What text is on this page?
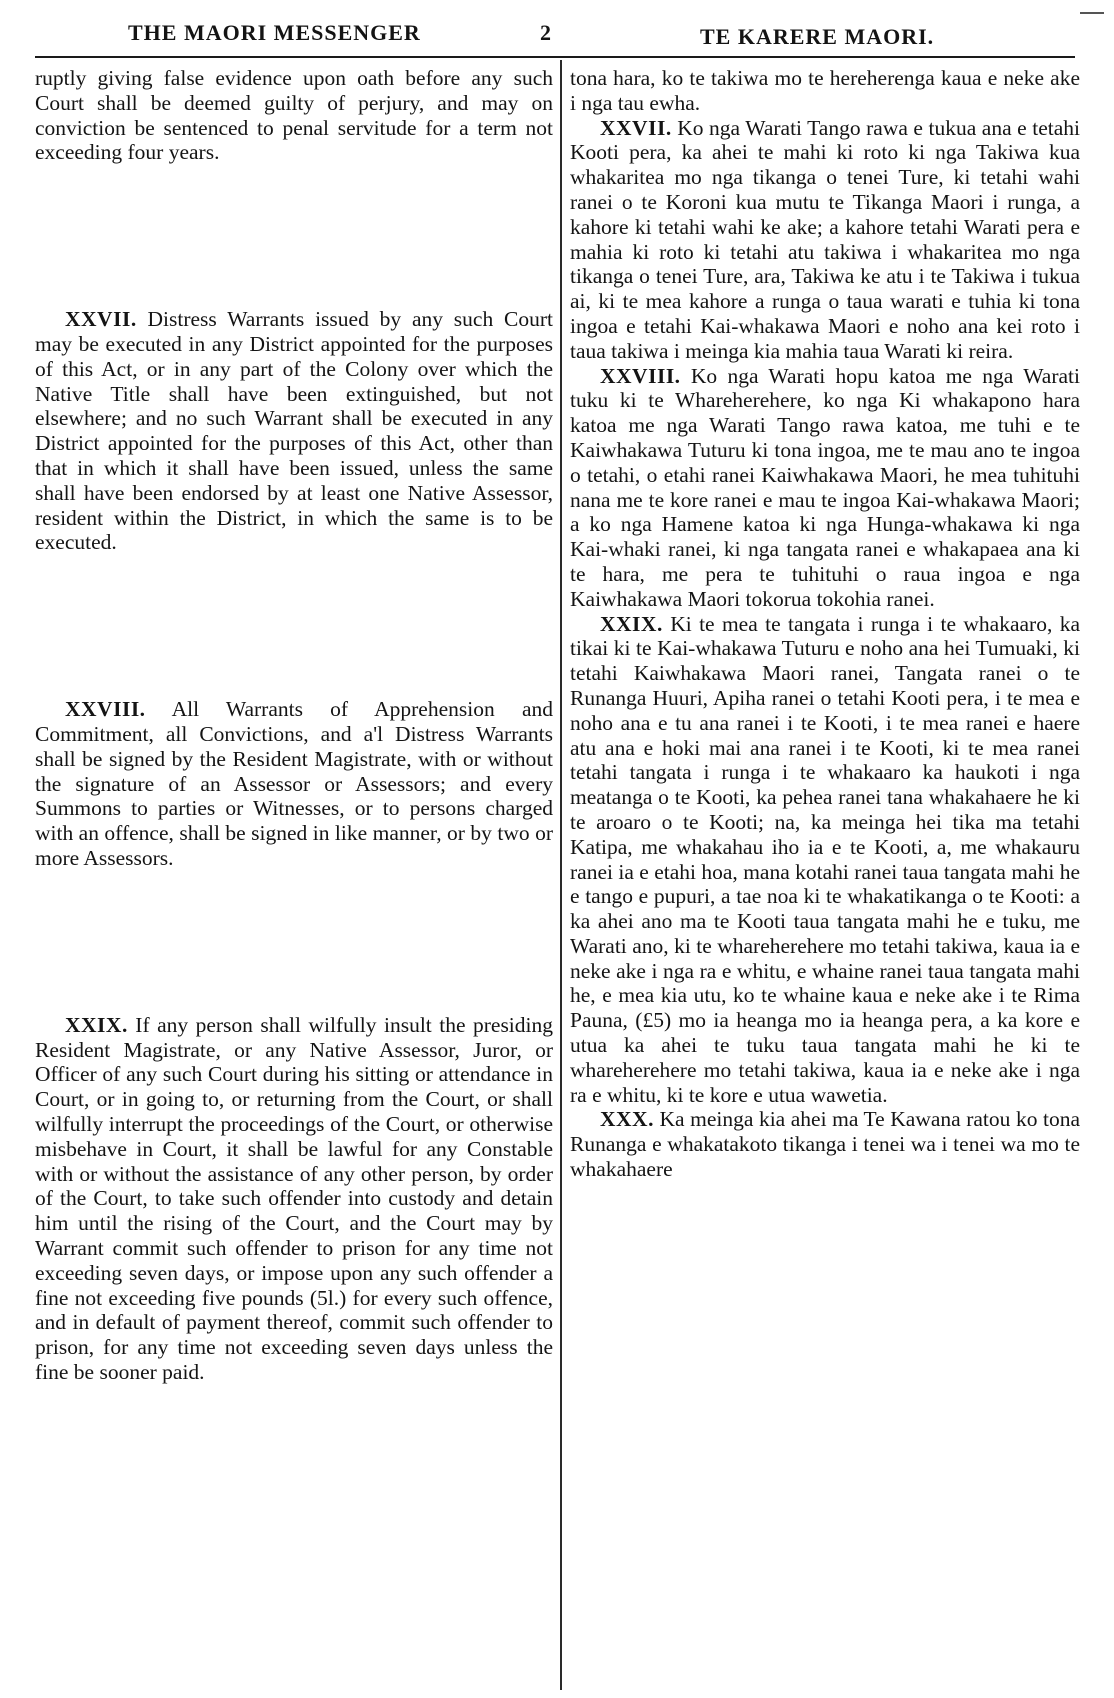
THE MAORI MESSENGER	2	TE KARERE MAORI.

ruptly giving false evidence upon oath before any such Court shall be deemed guilty of perjury, and may on conviction be sentenced to penal servitude for a term not exceeding four years.

XXVII. Distress Warrants issued by any such Court may be executed in any District appointed for the purposes of this Act, or in any part of the Colony over which the Native Title shall have been extinguished, but not elsewhere; and no such Warrant shall be executed in any District appointed for the purposes of this Act, other than that in which it shall have been issued, unless the same shall have been endorsed by at least one Native Assessor, resident within the District, in which the same is to be executed.

XXVIII. All Warrants of Apprehension and Commitment, all Convictions, and a'l Distress Warrants shall be signed by the Resident Magistrate, with or without the signature of an Assessor or Assessors; and every Summons to parties or Witnesses, or to persons charged with an offence, shall be signed in like manner, or by two or more Assessors.

XXIX. If any person shall wilfully insult the presiding Resident Magistrate, or any Native Assessor, Juror, or Officer of any such Court during his sitting or attendance in Court, or in going to, or returning from the Court, or shall wilfully interrupt the proceedings of the Court, or otherwise misbehave in Court, it shall be lawful for any Constable with or without the assistance of any other person, by order of the Court, to take such offender into custody and detain him until the rising of the Court, and the Court may by Warrant commit such offender to prison for any time not exceeding seven days, or impose upon any such offender a fine not exceeding five pounds (5l.) for every such offence, and in default of payment thereof, commit such offender to prison, for any time not exceeding seven days unless the fine be sooner paid.

tona hara, ko te takiwa mo te hereherenga kaua e neke ake i nga tau ewha.

XXVII. Ko nga Warati Tango rawa e tukua ana e tetahi Kooti pera, ka ahei te mahi ki roto ki nga Takiwa kua whakaritea mo nga tikanga o tenei Ture, ki tetahi wahi ranei o te Koroni kua mutu te Tikanga Maori i runga, a kahore ki tetahi wahi ke ake; a kahore tetahi Warati pera e mahia ki roto ki tetahi atu takiwa i whakaritea mo nga tikanga o tenei Ture, ara, Takiwa ke atu i te Takiwa i tukua ai, ki te mea kahore a runga o taua warati e tuhia ki tona ingoa e tetahi Kai-whakawa Maori e noho ana kei roto i taua takiwa i meinga kia mahia taua Warati ki reira.

XXVIII. Ko nga Warati hopu katoa me nga Warati tuku ki te Whareherehere, ko nga Ki whakapono hara katoa me nga Warati Tango rawa katoa, me tuhi e te Kaiwhakawa Tuturu ki tona ingoa, me te mau ano te ingoa o tetahi, o etahi ranei Kaiwhakawa Maori, he mea tuhituhi nana me te kore ranei e mau te ingoa Kai-whakawa Maori; a ko nga Hamene katoa ki nga Hunga-whakawa ki nga Kai-whaki ranei, ki nga tangata ranei e whakapaea ana ki te hara, me pera te tuhituhi o raua ingoa e nga Kaiwhakawa Maori tokorua tokohia ranei.

XXIX. Ki te mea te tangata i runga i te whakaaro, ka tikai ki te Kai-whakawa Tuturu e noho ana hei Tumuaki, ki tetahi Kaiwhakawa Maori ranei, Tangata ranei o te Runanga Huuri, Apiha ranei o tetahi Kooti pera, i te mea e noho ana e tu ana ranei i te Kooti, i te mea ranei e haere atu ana e hoki mai ana ranei i te Kooti, ki te mea ranei tetahi tangata i runga i te whakaaro ka haukoti i nga meatanga o te Kooti, ka pehea ranei tana whakahaere he ki te aroaro o te Kooti; na, ka meinga hei tika ma tetahi Katipa, me whakahau iho ia e te Kooti, a, me whakauru ranei ia e etahi hoa, mana kotahi ranei taua tangata mahi he e tango e pupuri, a tae noa ki te whakatikanga o te Kooti: a ka ahei ano ma te Kooti taua tangata mahi he e tuku, me Warati ano, ki te whareherehere mo tetahi takiwa, kaua ia e neke ake i nga ra e whitu, e whaine ranei taua tangata mahi he, e mea kia utu, ko te whaine kaua e neke ake i te Rima Pauna, (£5) mo ia heanga mo ia heanga pera, a ka kore e utua ka ahei te tuku taua tangata mahi he ki te whareherehere mo tetahi takiwa, kaua ia e neke ake i nga ra e whitu, ki te kore e utua wawetia.

XXX. Ka meinga kia ahei ma Te Kawana ratou ko tona Runanga e whakatakoto tikanga i tenei wa i tenei wa mo te whakahaere
